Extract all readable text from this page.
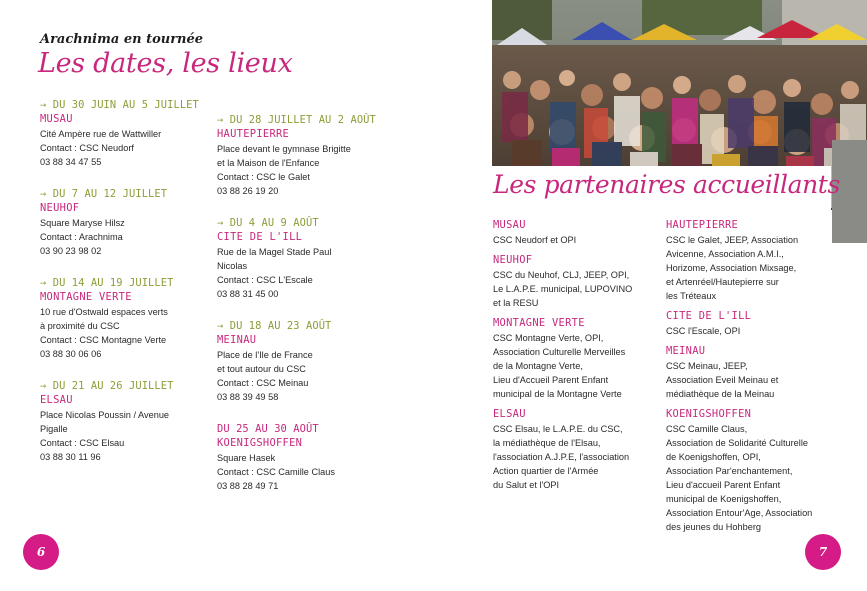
Arachnima en tournée
Les dates, les lieux
→ DU 30 JUIN AU 5 JUILLET
MUSAU
Cité Ampère rue de Wattwiller
Contact : CSC Neudorf
03 88 34 47 55
→ DU 7 AU 12 JUILLET
NEUHOF
Square Maryse Hilsz
Contact : Arachnima
03 90 23 98 02
→ DU 14 AU 19 JUILLET
MONTAGNE VERTE
10 rue d'Ostwald espaces verts
à proximité du CSC
Contact : CSC Montagne Verte
03 88 30 06 06
→ DU 21 AU 26 JUILLET
ELSAU
Place Nicolas Poussin / Avenue
Pigalle
Contact : CSC Elsau
03 88 30 11 96
→ DU 28 JUILLET AU 2 AOÛT
HAUTEPIERRE
Place devant le gymnase Brigitte
et la Maison de l'Enfance
Contact : CSC le Galet
03 88 26 19 20
→ DU 4 AU 9 AOÛT
CITE DE L'ILL
Rue de la Magel Stade Paul
Nicolas
Contact : CSC L'Escale
03 88 31 45 00
→ DU 18 AU 23 AOÛT
MEINAU
Place de l'Ile de France
et tout autour du CSC
Contact : CSC Meinau
03 88 39 49 58
DU 25 AU 30 AOÛT
KOENIGSHOFFEN
Square Hasek
Contact : CSC Camille Claus
03 88 28 49 71
6
Les partenaires accueillants
MUSAU
CSC Neudorf et OPI
NEUHOF
CSC du Neuhof, CLJ, JEEP, OPI,
Le L.A.P.E. municipal, LUPOVINO
et la RESU
MONTAGNE VERTE
CSC Montagne Verte, OPI,
Association Culturelle Merveilles
de la Montagne Verte,
Lieu d'Accueil Parent Enfant
municipal de la Montagne Verte
ELSAU
CSC Elsau, le L.A.P.E. du CSC,
la médiathèque de l'Elsau,
l'association A.J.P.E, l'association
Action quartier de l'Armée
du Salut et l'OPI
HAUTEPIERRE
CSC le Galet, JEEP, Association
Avicenne, Association A.M.I.,
Horizome, Association Mixsage,
et Artenréel/Hautepierre sur
les Tréteaux
CITE DE L'ILL
CSC l'Escale, OPI
MEINAU
CSC Meinau, JEEP,
Association Eveil Meinau et
médiathèque de la Meinau
KOENIGSHOFFEN
CSC Camille Claus,
Association de Solidarité Culturelle
de Koenigshoffen, OPI,
Association Par'enchantement,
Lieu d'accueil Parent Enfant
municipal de Koenigshoffen,
Association Entour'Age, Association
des jeunes du Hohberg
7
